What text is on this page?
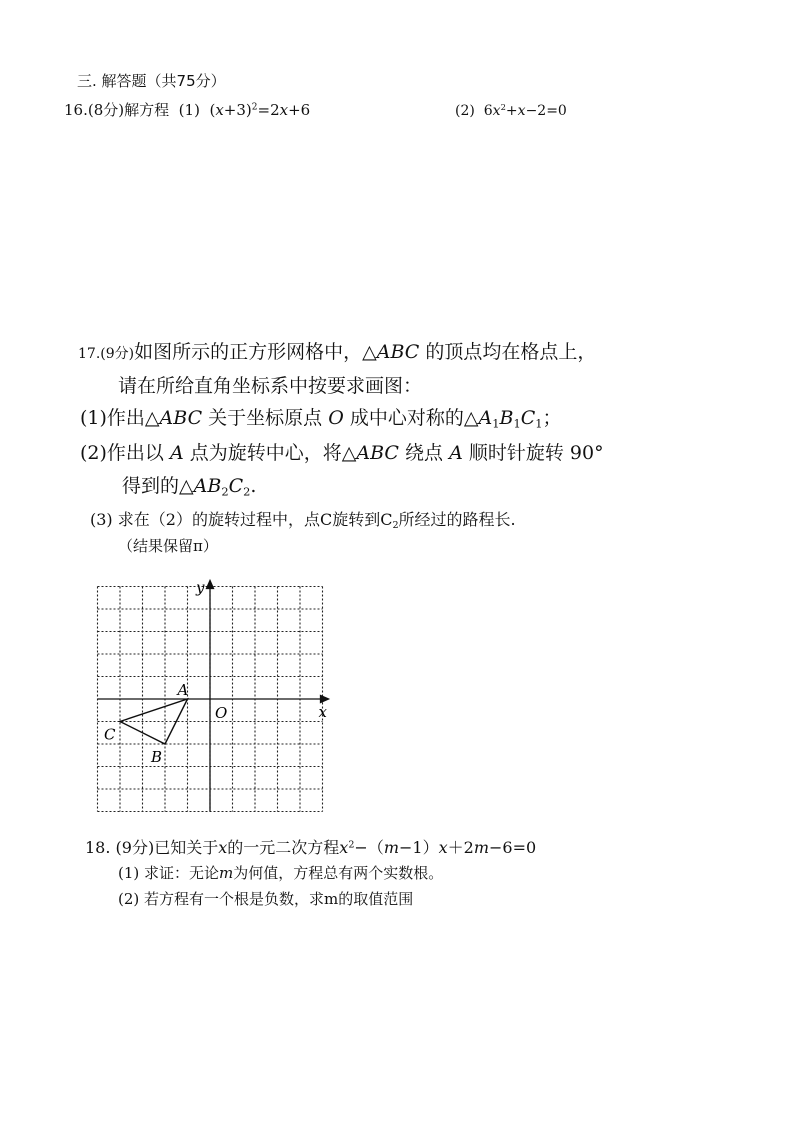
三. 解答题（共75分）
16.(8分)解方程 (1) $(x+3)^2=2x+6$	(2) $6x^2+x-2=0$
17.(9分)如图所示的正方形网格中，△ABC 的顶点均在格点上，
请在所给直角坐标系中按要求画图：
(1)作出△ABC 关于坐标原点 O 成中心对称的$\triangle A_1B_1C_1$；
(2)作出以 A 点为旋转中心，将△ABC 绕点 A 顺时针旋转 90°
得到的$\triangle AB_2C_2$.
(3) 求在（2）的旋转过程中，点C旋转到$C_2$所经过的路程长.
（结果保留π）
x
y
O
A
B
C
18. (9分)已知关于x的一元二次方程$x^2-(m-1)x+2m-6=0$
(1) 求证：无论m为何值，方程总有两个实数根。
(2) 若方程有一个根是负数，求m的取值范围
